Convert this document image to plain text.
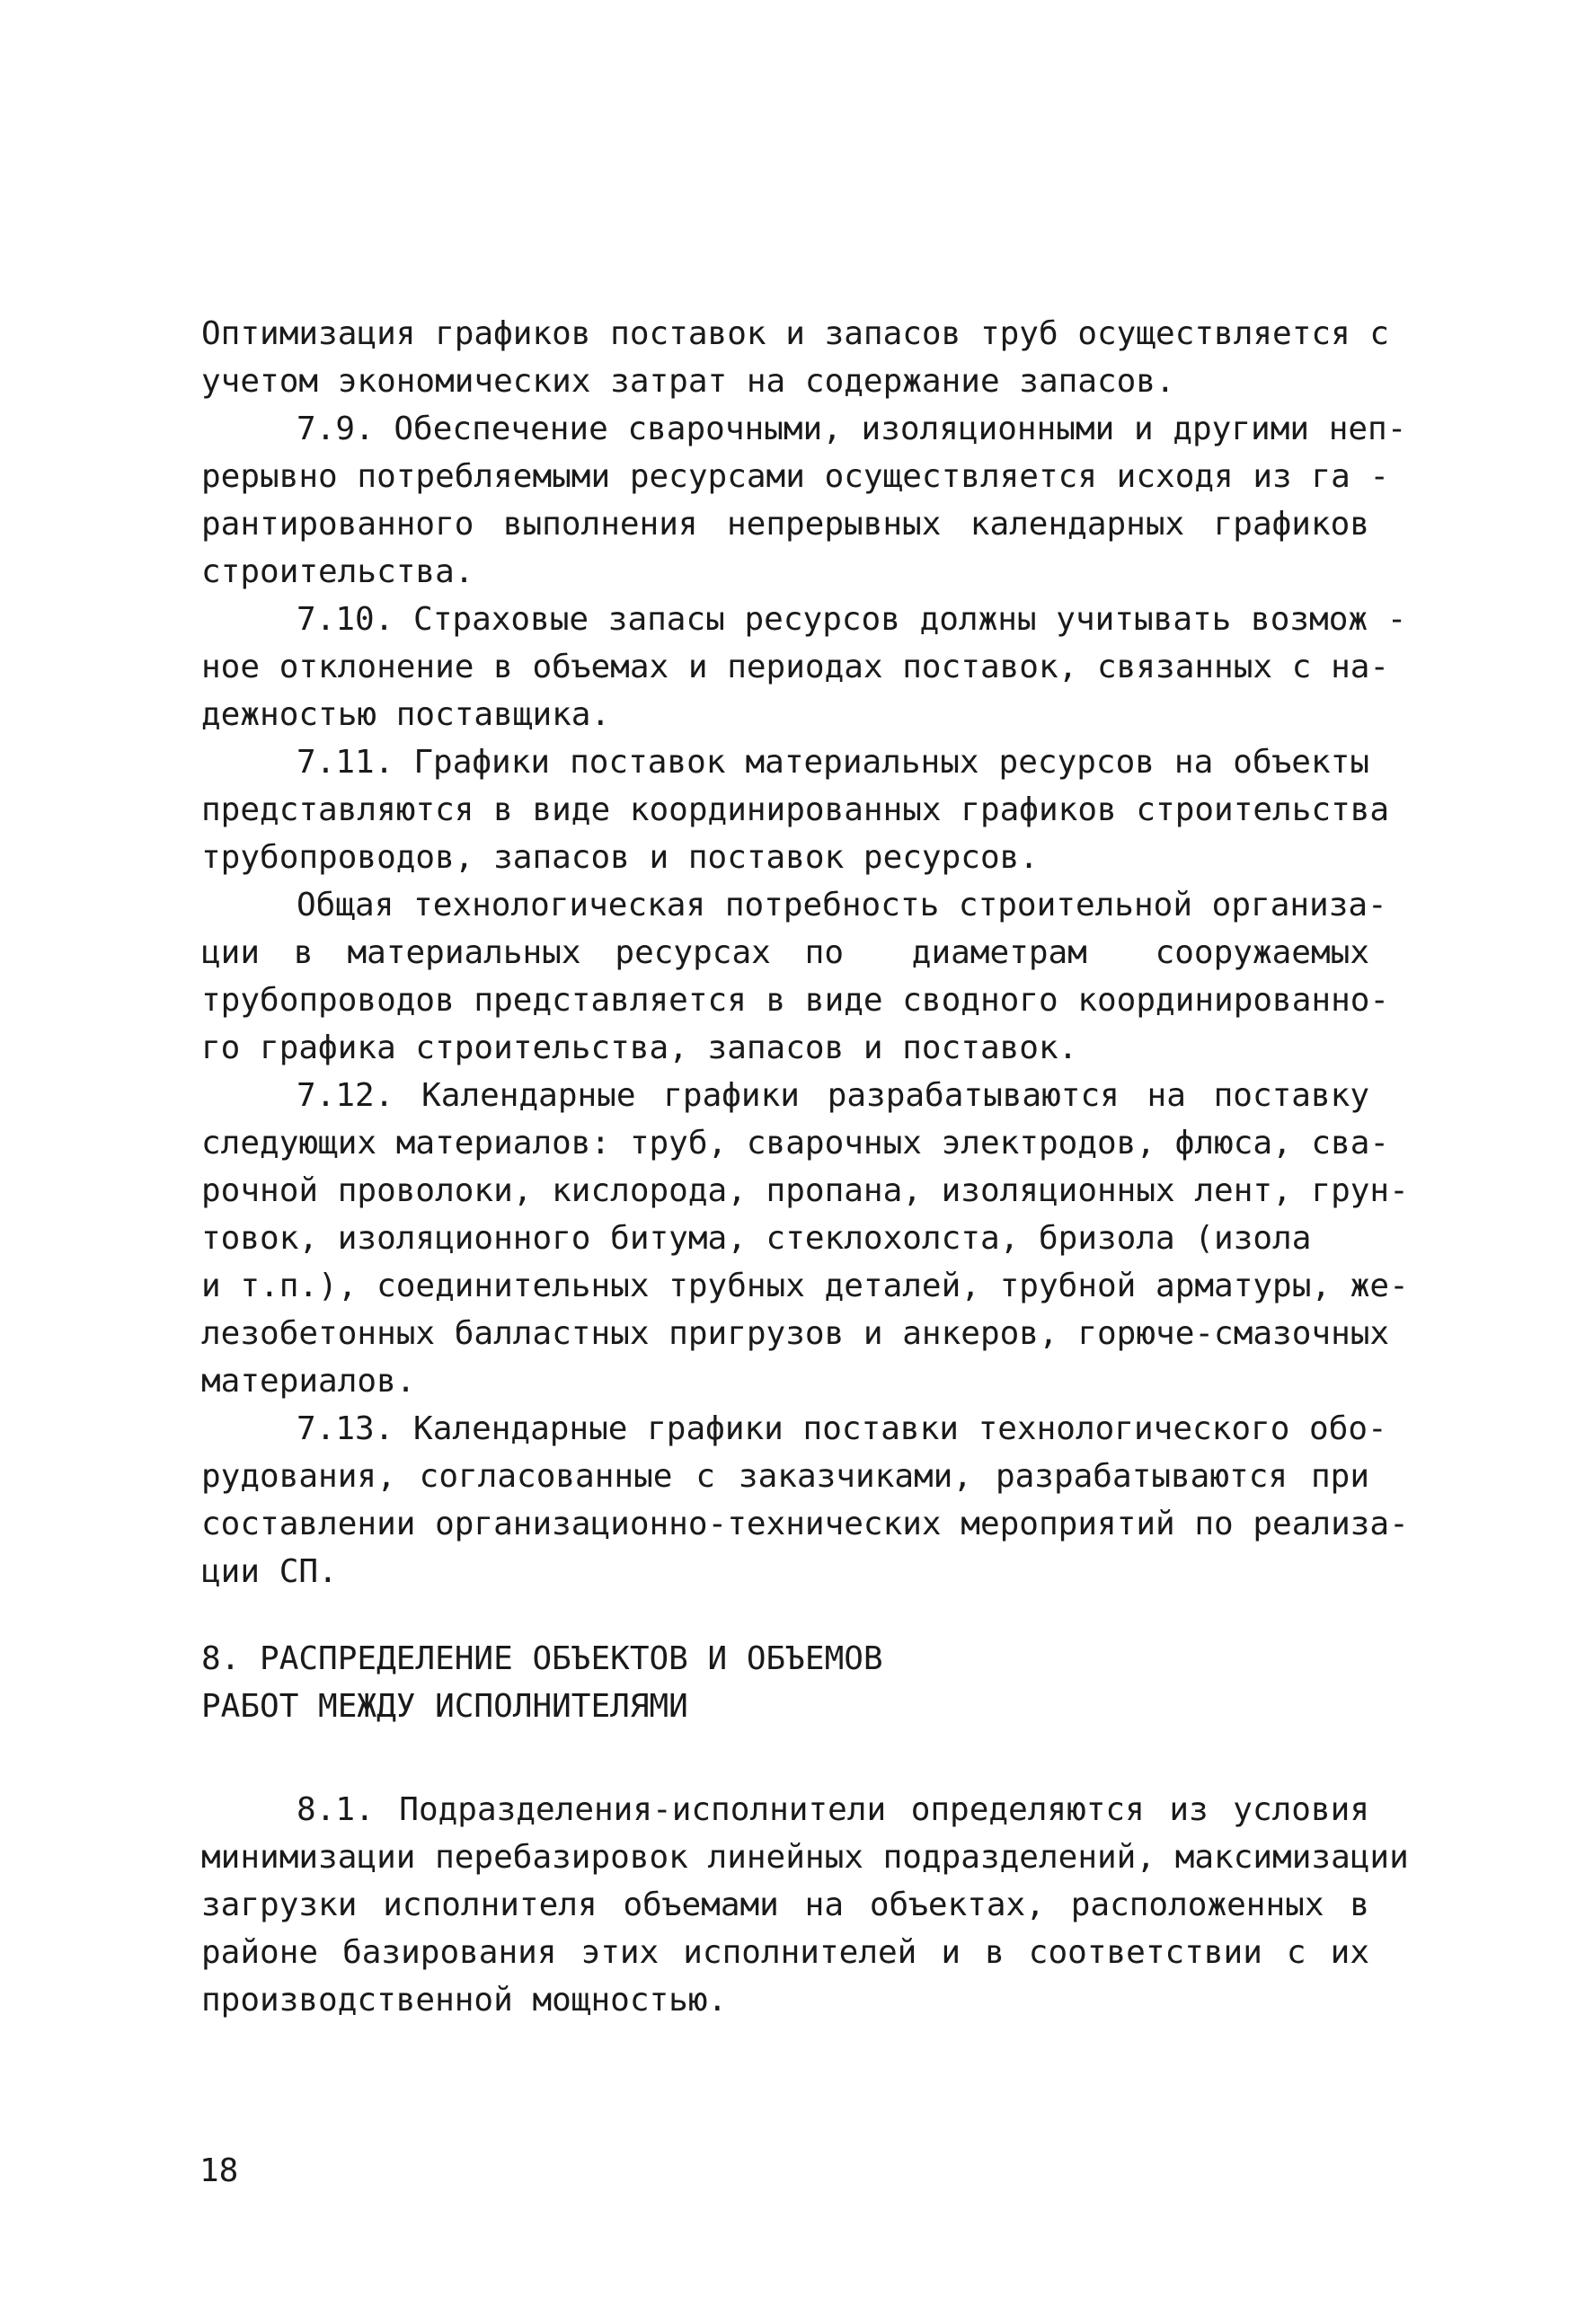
Оптимизация графиков поставок и запасов труб осуществляется с
учетом экономических затрат на содержание запасов.
7.9. Обеспечение сварочными, изоляционными и другими неп-
рерывно потребляемыми ресурсами осуществляется исходя из га -
рантированного выполнения непрерывных календарных графиков
строительства.
7.10. Страховые запасы ресурсов должны учитывать возмож -
ное отклонение в объемах и периодах поставок, связанных с на-
дежностью поставщика.
7.11. Графики поставок материальных ресурсов на объекты
представляются в виде координированных графиков строительства
трубопроводов, запасов и поставок ресурсов.
Общая технологическая потребность строительной организа-
ции в материальных ресурсах по  диаметрам  сооружаемых
трубопроводов представляется в виде сводного координированно-
го графика строительства, запасов и поставок.
7.12. Календарные графики разрабатываются на поставку
следующих материалов: труб, сварочных электродов, флюса, сва-
рочной проволоки, кислорода, пропана, изоляционных лент, грун-
товок, изоляционного битума, стеклохолста, бризола (изола
и т.п.), соединительных трубных деталей, трубной арматуры, же-
лезобетонных балластных пригрузов и анкеров, горюче-смазочных
материалов.
7.13. Календарные графики поставки технологического обо-
рудования, согласованные с заказчиками, разрабатываются при
составлении организационно-технических мероприятий по реализа-
ции СП.
8. РАСПРЕДЕЛЕНИЕ ОБЪЕКТОВ И ОБЪЕМОВ
РАБОТ МЕЖДУ ИСПОЛНИТЕЛЯМИ
8.1. Подразделения-исполнители определяются из условия
минимизации перебазировок линейных подразделений, максимизации
загрузки исполнителя объемами на объектах, расположенных в
районе базирования этих исполнителей и в соответствии с их
производственной мощностью.
18
